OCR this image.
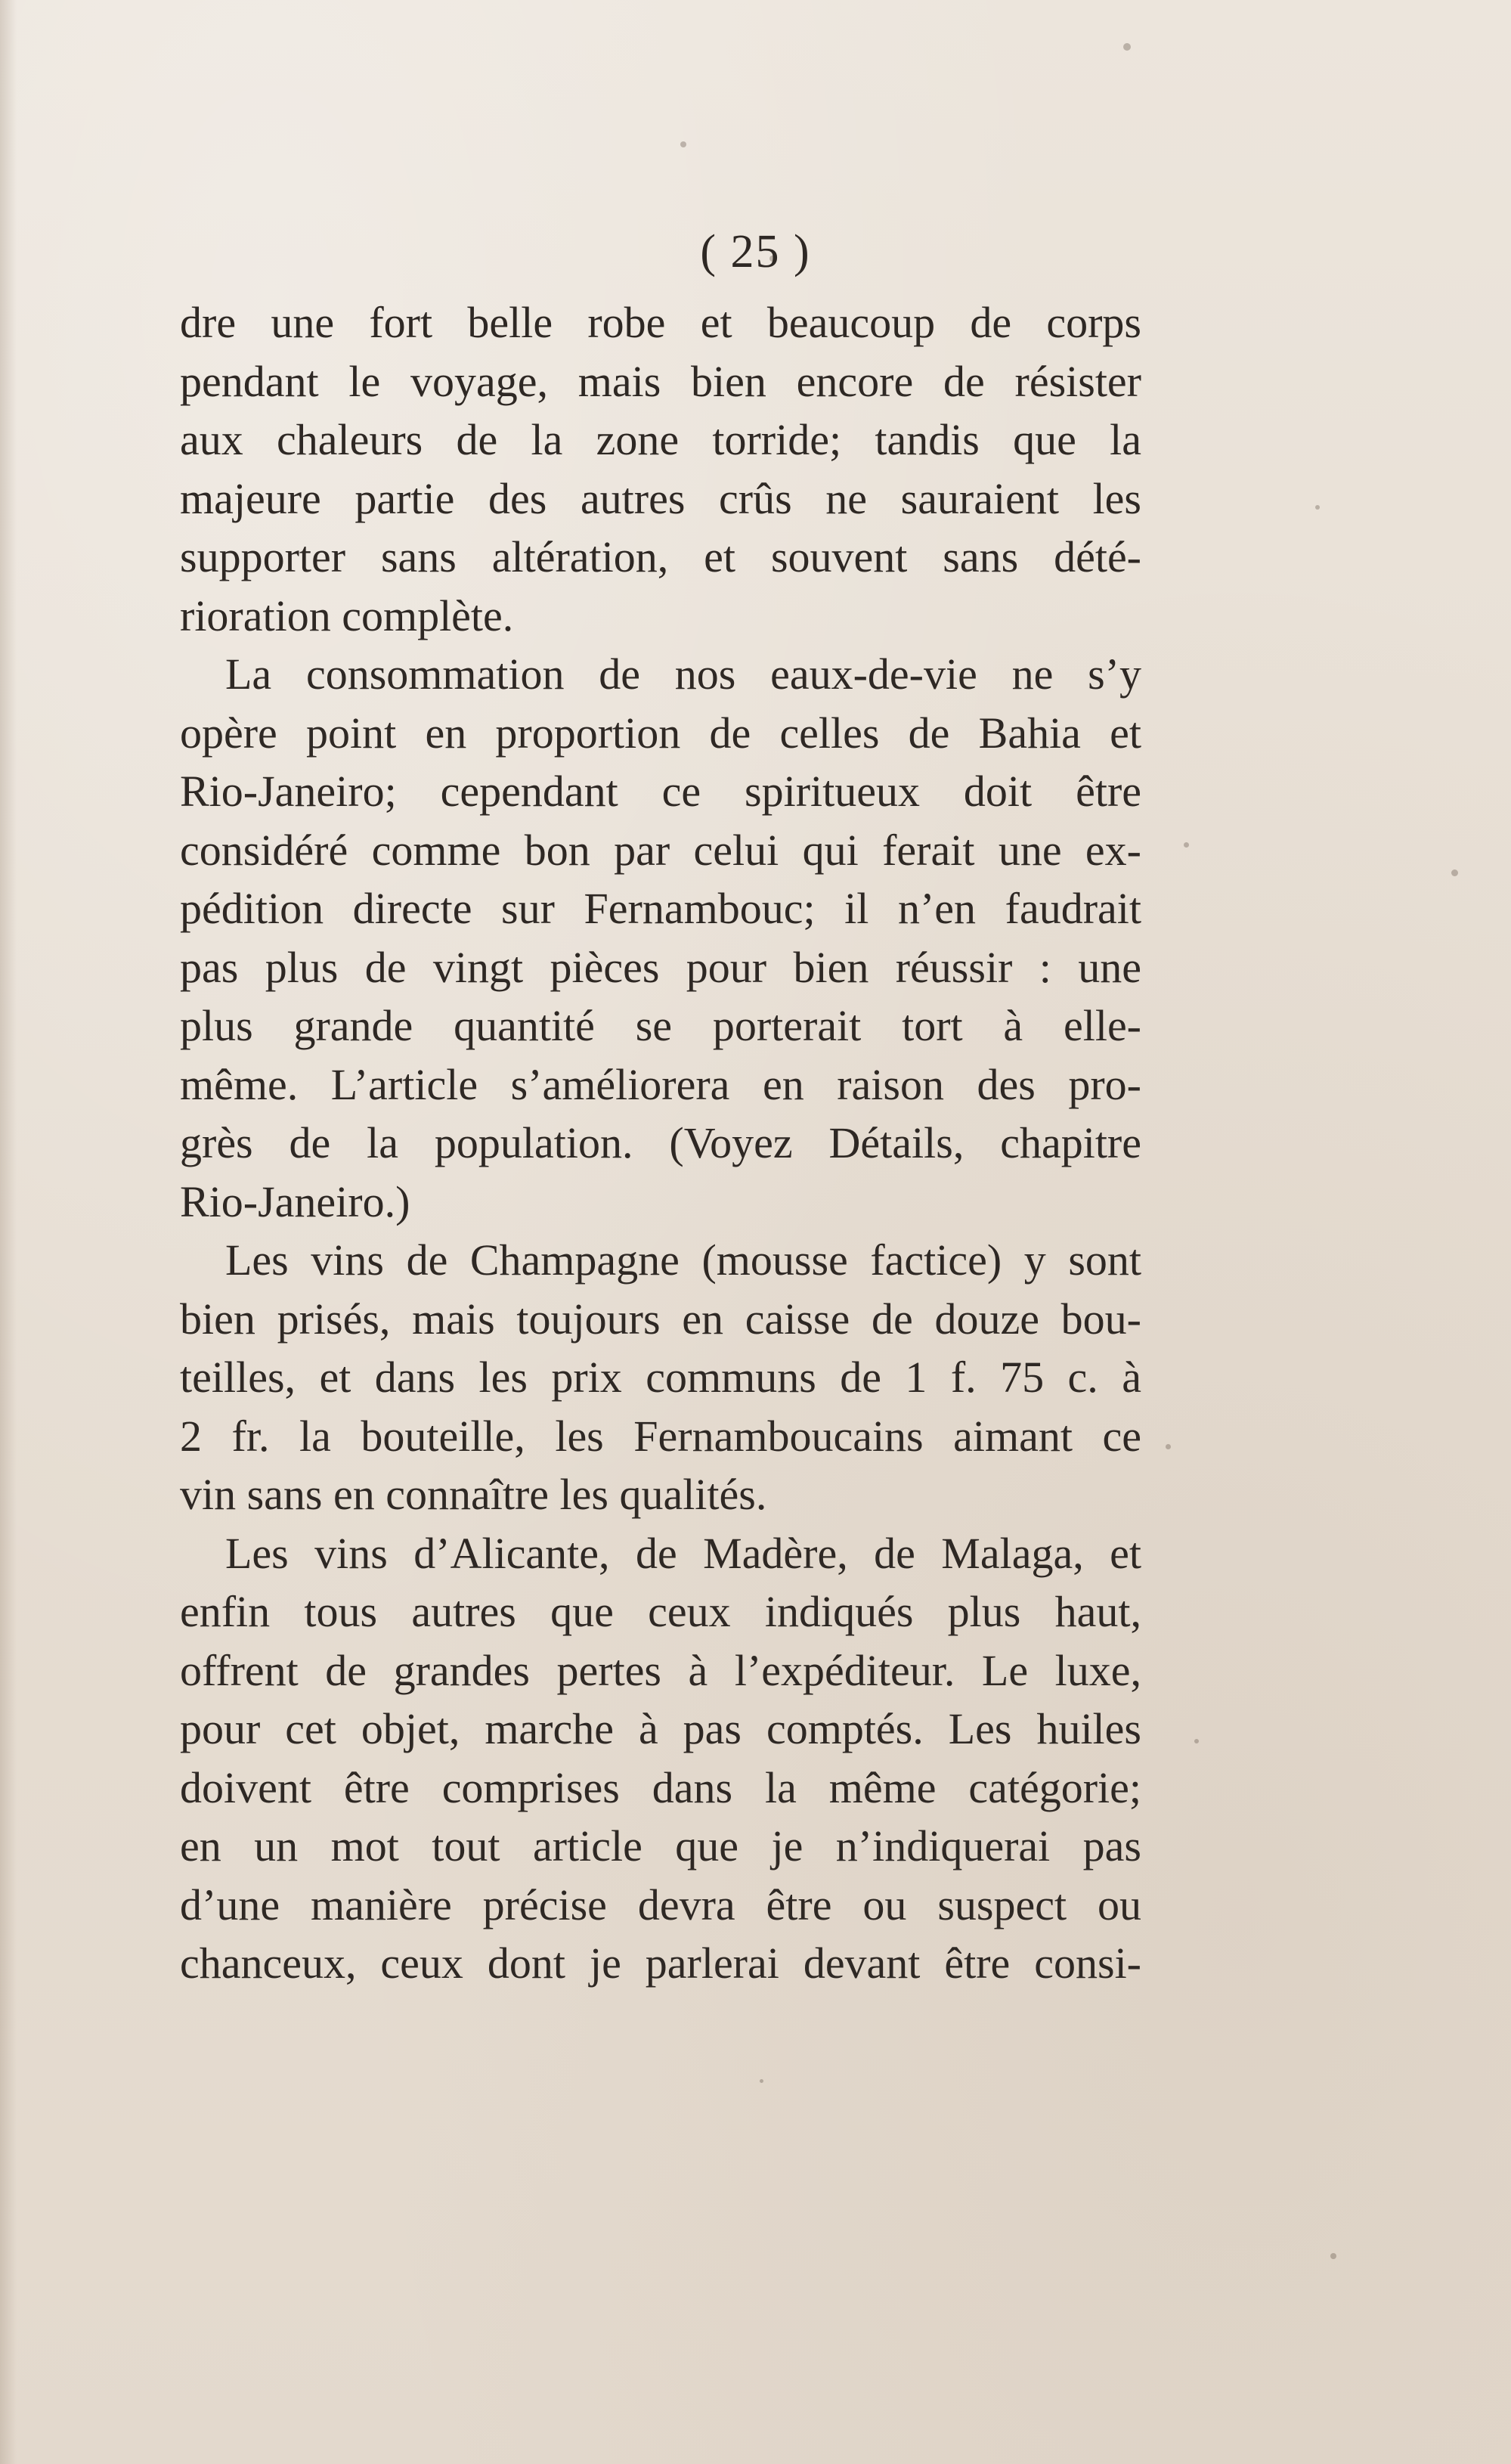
( 25 )
dre une fort belle robe et beaucoup de corps
pendant le voyage, mais bien encore de résister
aux chaleurs de la zone torride; tandis que la
majeure partie des autres crûs ne sauraient les
supporter sans altération, et souvent sans dété-
rioration complète.
La consommation de nos eaux-de-vie ne s’y
opère point en proportion de celles de Bahia et
Rio-Janeiro; cependant ce spiritueux doit être
considéré comme bon par celui qui ferait une ex-
pédition directe sur Fernambouc; il n’en faudrait
pas plus de vingt pièces pour bien réussir : une
plus grande quantité se porterait tort à elle-
même. L’article s’améliorera en raison des pro-
grès de la population. (Voyez Détails, chapitre
Rio-Janeiro.)
Les vins de Champagne (mousse factice) y sont
bien prisés, mais toujours en caisse de douze bou-
teilles, et dans les prix communs de 1 f. 75 c. à
2 fr. la bouteille, les Fernamboucains aimant ce
vin sans en connaître les qualités.
Les vins d’Alicante, de Madère, de Malaga, et
enfin tous autres que ceux indiqués plus haut,
offrent de grandes pertes à l’expéditeur. Le luxe,
pour cet objet, marche à pas comptés. Les huiles
doivent être comprises dans la même catégorie;
en un mot tout article que je n’indiquerai pas
d’une manière précise devra être ou suspect ou
chanceux, ceux dont je parlerai devant être consi-
